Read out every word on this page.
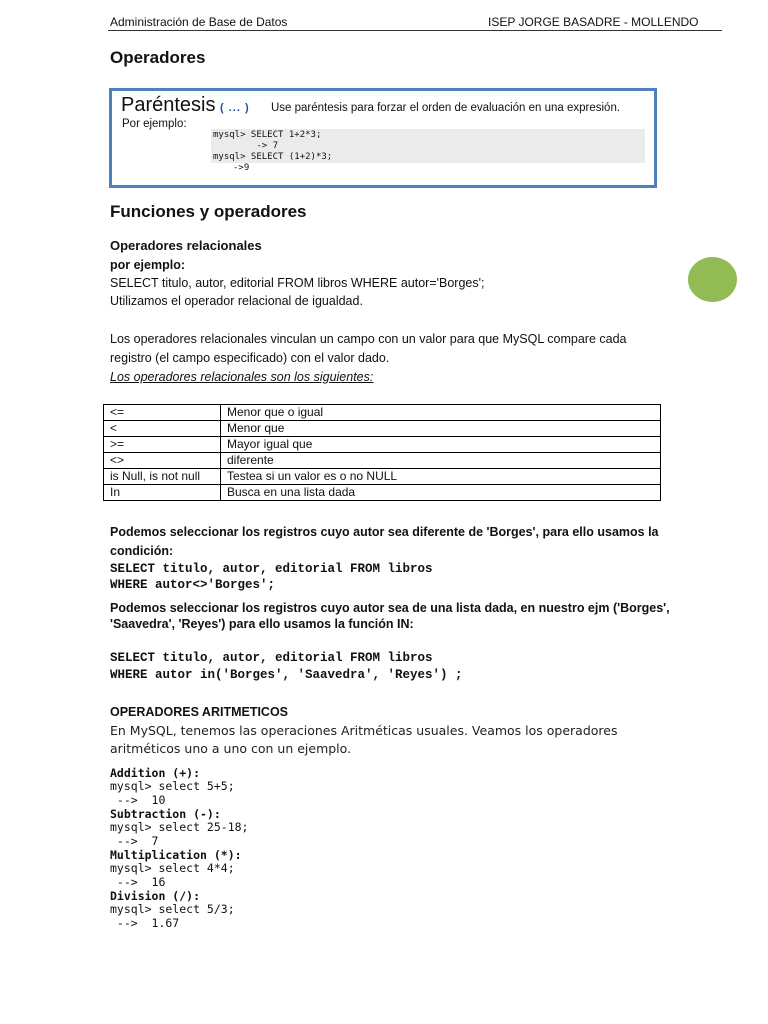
Administración de Base de Datos	ISEP JORGE BASADRE - MOLLENDO
Operadores
Paréntesis ( ... ) Use paréntesis para forzar el orden de evaluación en una expresión.
Por ejemplo:
mysql> SELECT 1+2*3;
-> 7
mysql> SELECT (1+2)*3;
->9
Funciones y operadores
Operadores relacionales
por ejemplo:
SELECT titulo, autor, editorial FROM libros WHERE autor='Borges';
Utilizamos el operador relacional de igualdad.
Los operadores relacionales vinculan un campo con un valor para que MySQL compare cada
registro (el campo especificado) con el valor dado.
Los operadores relacionales son los siguientes:
<=	Menor que o igual
<	Menor que
>=	Mayor igual que
<>	diferente
is Null, is not null	Testea si un valor es o no NULL
In	Busca en una lista dada
Podemos seleccionar los registros cuyo autor sea diferente de 'Borges', para ello usamos la
condición:
SELECT titulo, autor, editorial FROM libros
WHERE autor<>'Borges';
Podemos seleccionar los registros cuyo autor sea de una lista dada, en nuestro ejm ('Borges',
'Saavedra', 'Reyes') para ello usamos la función IN:
SELECT titulo, autor, editorial FROM libros
WHERE autor in('Borges', 'Saavedra', 'Reyes') ;
OPERADORES ARITMETICOS
En MySQL, tenemos las operaciones Aritméticas usuales. Veamos los operadores
aritméticos uno a uno con un ejemplo.
Addition (+):
mysql> select 5+5;
-->  10
Subtraction (-):
mysql> select 25-18;
-->  7
Multiplication (*):
mysql> select 4*4;
-->  16
Division (/):
mysql> select 5/3;
-->  1.67
